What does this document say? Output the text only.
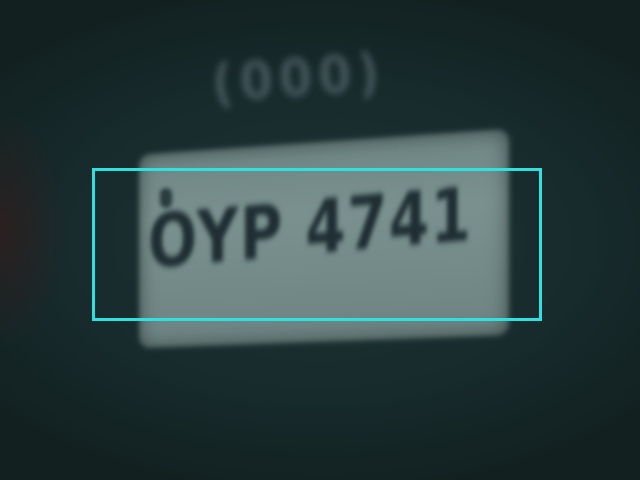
(000)
OYP 4741
